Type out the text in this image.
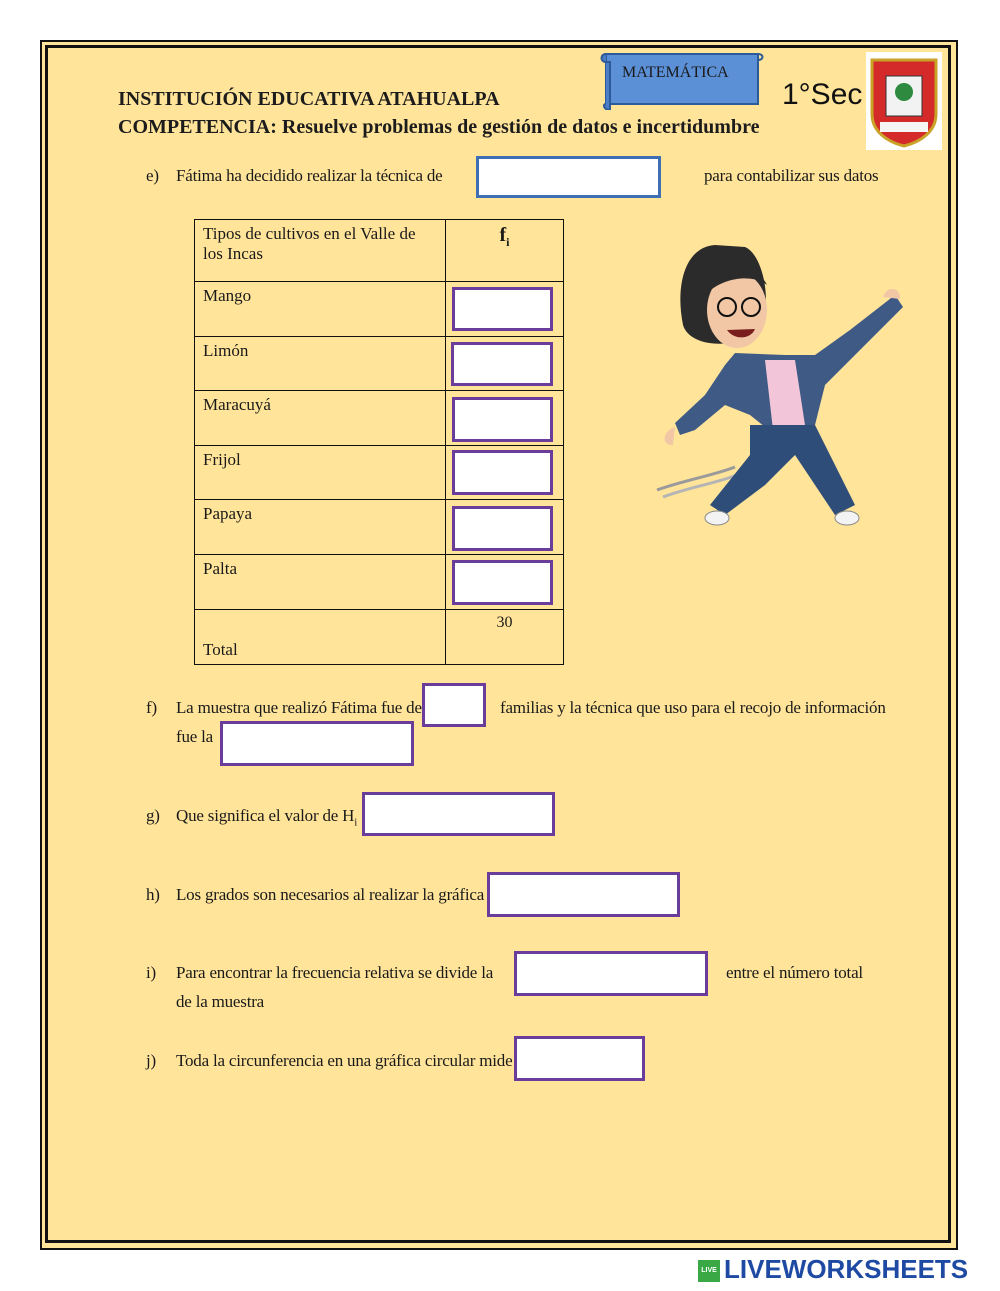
MATEMÁTICA
1°Sec
INSTITUCIÓN EDUCATIVA ATAHUALPA
COMPETENCIA: Resuelve problemas de gestión de datos e incertidumbre
e) Fátima ha decidido realizar la técnica de	para contabilizar sus datos
Tipos de cultivos en el Valle de los Incas	$f_i$
Mango	
Limón	
Maracuyá	
Frijol	
Papaya	
Palta	
Total	30
f) La muestra que realizó Fátima fue de	familias y la técnica que uso para el recojo de información
fue la
g) Que significa el valor de $H_i$
h) Los grados son necesarios al realizar la gráfica
i) Para encontrar la frecuencia relativa se divide la	entre el número total
de la muestra
j) Toda la circunferencia en una gráfica circular mide
LIVE LIVEWORKSHEETS
